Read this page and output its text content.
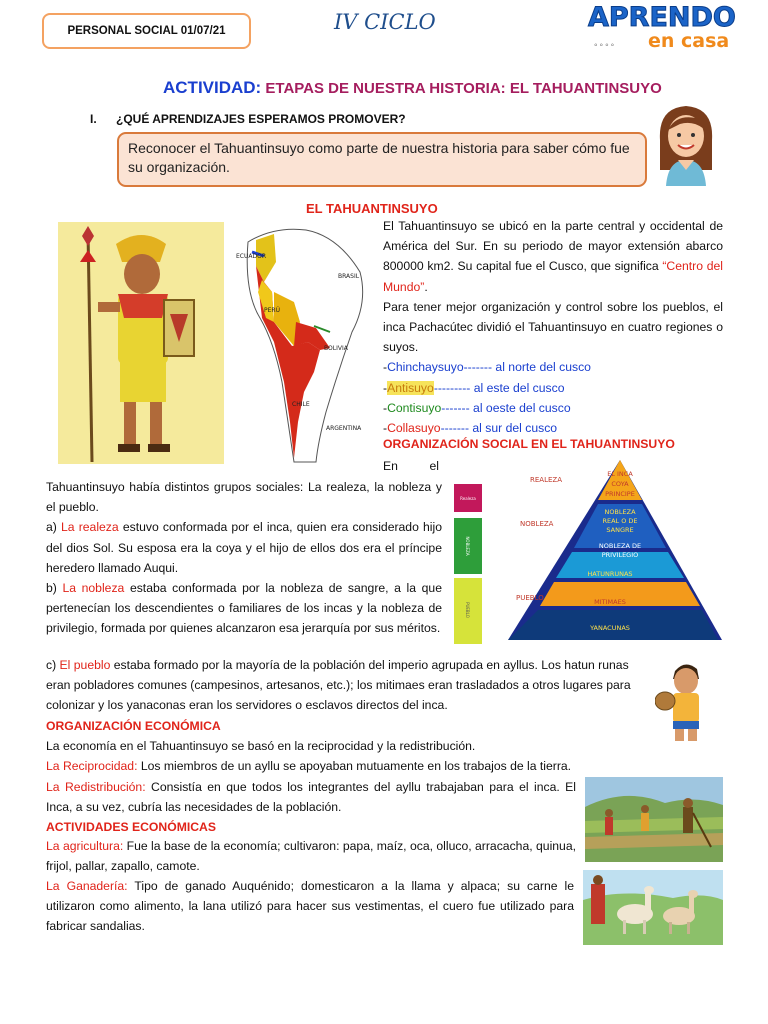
PERSONAL SOCIAL 01/07/21	IV CICLO	APRENDO
◦◦◦◦ en casa
ACTIVIDAD: ETAPAS DE NUESTRA HISTORIA: EL TAHUANTINSUYO
I. ¿QUÉ APRENDIZAJES ESPERAMOS PROMOVER?
Reconocer el Tahuantinsuyo como parte de nuestra historia para saber cómo fue su organización.
EL TAHUANTINSUYO
ECUADOR
BRASIL
PERÚ
BOLIVIA
CHILE
ARGENTINA
El Tahuantinsuyo se ubicó en la parte central y occidental de América del Sur. En su periodo de mayor extensión abarco 800000 km2. Su capital fue el Cusco, que significa “Centro del Mundo”.
Para tener mejor organización y control sobre los pueblos, el inca Pachacútec dividió el Tahuantinsuyo en cuatro regiones o suyos.
-Chinchaysuyo------- al norte del cusco
-Antisuyo--------- al este del cusco
-Contisuyo------- al oeste del cusco
-Collasuyo------- al sur del cusco
ORGANIZACIÓN SOCIAL EN EL TAHUANTINSUYO
En	el
Tahuantinsuyo había distintos grupos sociales: La realeza, la nobleza y el pueblo.
a) La realeza estuvo conformada por el inca, quien era considerado hijo del dios Sol. Su esposa era la coya y el hijo de ellos dos era el príncipe heredero llamado Auqui.
b) La nobleza estaba conformada por la nobleza de sangre, a la que pertenecían los descendientes o familiares de los incas y la nobleza de privilegio, formada por quienes alcanzaron esa jerarquía por sus méritos.
Realeza
NOBLEZA
PUEBLO
EL INCA
COYA
PRINCIPE
NOBLEZA
REAL O DE
SANGRE
NOBLEZA DE
PRIVILEGIO
HATUNRUNAS
MITIMAES
YANACUNAS
REALEZA
NOBLEZA
PUEBLO
c) El pueblo estaba formado por la mayoría de la población del imperio agrupada en ayllus. Los hatun runas eran pobladores comunes (campesinos, artesanos, etc.); los mitimaes eran trasladados a otros lugares para colonizar y los yanaconas eran los servidores o esclavos directos del inca.
ORGANIZACIÓN ECONÓMICA
La economía en el Tahuantinsuyo se basó en la reciprocidad y la redistribución.
La Reciprocidad: Los miembros de un ayllu se apoyaban mutuamente en los trabajos de la tierra.
La Redistribución: Consistía en que todos los integrantes del ayllu trabajaban para el inca. El Inca, a su vez, cubría las necesidades de la población.
ACTIVIDADES ECONÓMICAS
La agricultura: Fue la base de la economía; cultivaron: papa, maíz, oca, olluco, arracacha, quinua, frijol, pallar, zapallo, camote.
La Ganadería: Tipo de ganado Auquénido; domesticaron a la llama y alpaca; su carne le utilizaron como alimento, la lana utilizó para hacer sus vestimentas, el cuero fue utilizado para fabricar sandalias.
